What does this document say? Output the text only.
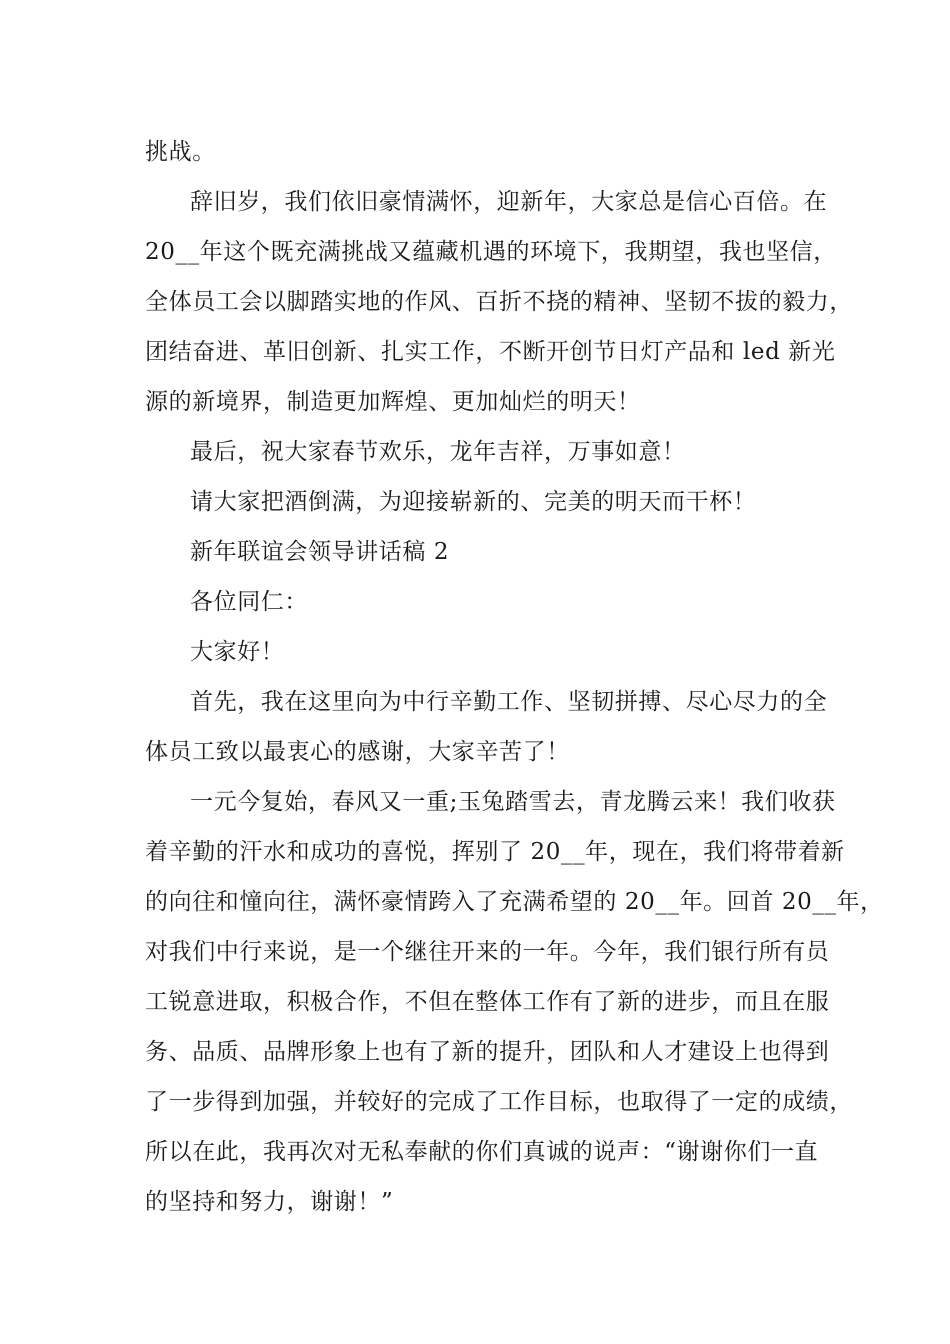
挑战。
辞旧岁，我们依旧豪情满怀，迎新年，大家总是信心百倍。在
20__年这个既充满挑战又蕴藏机遇的环境下，我期望，我也坚信，
全体员工会以脚踏实地的作风、百折不挠的精神、坚韧不拔的毅力，
团结奋进、革旧创新、扎实工作，不断开创节日灯产品和 led 新光
源的新境界，制造更加辉煌、更加灿烂的明天！
最后，祝大家春节欢乐，龙年吉祥，万事如意！
请大家把酒倒满，为迎接崭新的、完美的明天而干杯！
新年联谊会领导讲话稿 2
各位同仁：
大家好！
首先，我在这里向为中行辛勤工作、坚韧拼搏、尽心尽力的全
体员工致以最衷心的感谢，大家辛苦了！
一元今复始，春风又一重;玉兔踏雪去，青龙腾云来！我们收获
着辛勤的汗水和成功的喜悦，挥别了 20__年，现在，我们将带着新
的向往和憧向往，满怀豪情跨入了充满希望的 20__年。回首 20__年，
对我们中行来说，是一个继往开来的一年。今年，我们银行所有员
工锐意进取，积极合作，不但在整体工作有了新的进步，而且在服
务、品质、品牌形象上也有了新的提升，团队和人才建设上也得到
了一步得到加强，并较好的完成了工作目标，也取得了一定的成绩，
所以在此，我再次对无私奉献的你们真诚的说声：“谢谢你们一直
的坚持和努力，谢谢！”
